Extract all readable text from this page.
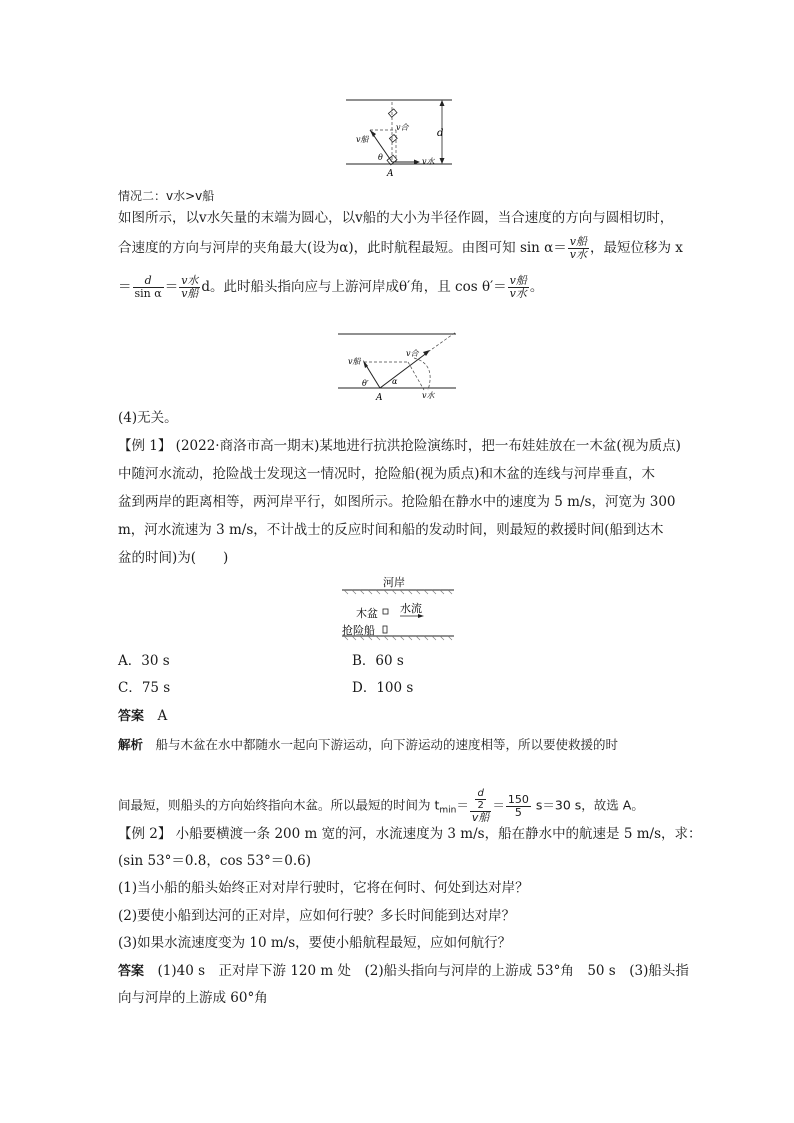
d
v船
v合
θ	v水
A
情况二：v水>v船
如图所示，以v水矢量的末端为圆心，以v船的大小为半径作圆，当合速度的方向与圆相切时，
合速度的方向与河岸的夹角最大(设为α)，此时航程最短。由图可知 $\sin \alpha= \frac{\text{v船}}{\text{v水}}$ ，最短位移为 x
＝ $\frac{d}{\text{sin α}} = \frac{\text{v水}}{\text{v船}}$ d。此时船头指向应与上游河岸成θ′角，且 $\cos \theta'= \frac{\text{v船}}{\text{v水}}$ 。
v船
v合
θ′	α
A	v水
(4)无关。
【例 1】 (2022·商洛市高一期末)某地进行抗洪抢险演练时，把一布娃娃放在一木盆(视为质点)
中随河水流动，抢险战士发现这一情况时，抢险船(视为质点)和木盆的连线与河岸垂直，木
盆到两岸的距离相等，两河岸平行，如图所示。抢险船在静水中的速度为 5 m/s，河宽为 300
m，河水流速为 3 m/s，不计战士的反应时间和船的发动时间，则最短的救援时间(船到达木
盆的时间)为(　　)
河岸
木盆 水流
抢险船
A．30 s	B．60 s
C．75 s	D．100 s
答案　 A
解析　 船与木盆在水中都随水一起向下游运动，向下游运动的速度相等，所以要使救援的时
间最短，则船头的方向始终指向木盆。所以最短的时间为 $t_{min}= \frac{\frac{d}{2}}{\text{v船}} = \frac{150}{5} s=30$ s，故选 A。
【例 2】 小船要横渡一条 200 m 宽的河，水流速度为 3 m/s，船在静水中的航速是 5 m/s，求：
(sin 53°＝0.8，cos 53°＝0.6)
(1)当小船的船头始终正对对岸行驶时，它将在何时、何处到达对岸？
(2)要使小船到达河的正对岸，应如何行驶？多长时间能到达对岸？
(3)如果水流速度变为 10 m/s，要使小船航程最短，应如何航行？
答案　 (1)40 s　正对岸下游 120 m 处　(2)船头指向与河岸的上游成 53°角　50 s　(3)船头指
向与河岸的上游成 60°角
